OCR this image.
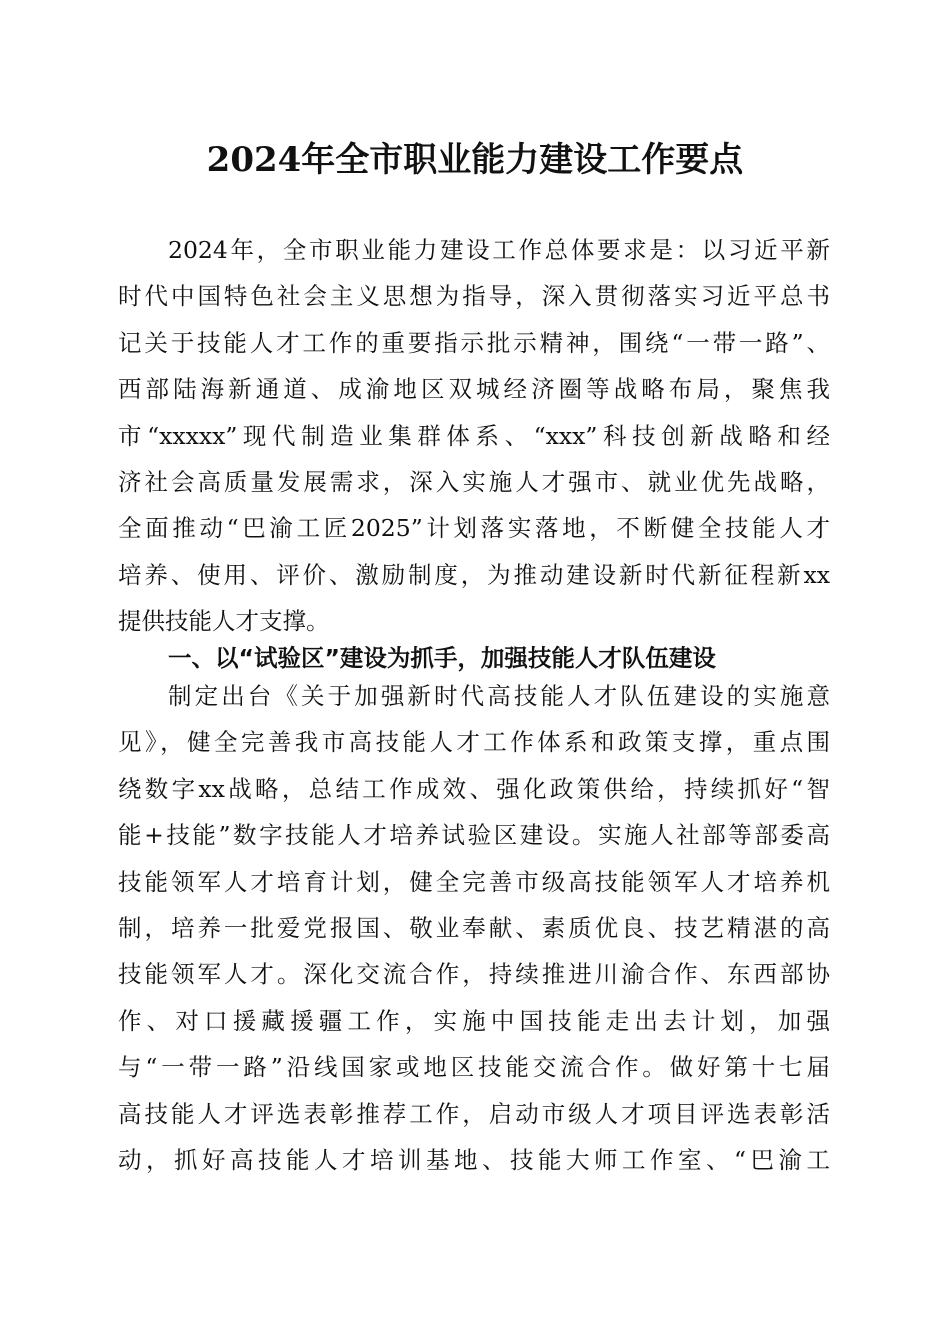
2024年全市职业能力建设工作要点
2024年，全市职业能力建设工作总体要求是：以习近平新
时代中国特色社会主义思想为指导，深入贯彻落实习近平总书
记关于技能人才工作的重要指示批示精神，围绕“一带一路”、
西部陆海新通道、成渝地区双城经济圈等战略布局，聚焦我
市“xxxxx”现代制造业集群体系、“xxx”科技创新战略和经
济社会高质量发展需求，深入实施人才强市、就业优先战略，
全面推动“巴渝工匠2025”计划落实落地，不断健全技能人才
培养、使用、评价、激励制度，为推动建设新时代新征程新xx
提供技能人才支撑。
一、以“试验区”建设为抓手，加强技能人才队伍建设
制定出台《关于加强新时代高技能人才队伍建设的实施意
见》，健全完善我市高技能人才工作体系和政策支撑，重点围
绕数字xx战略，总结工作成效、强化政策供给，持续抓好“智
能+技能”数字技能人才培养试验区建设。实施人社部等部委高
技能领军人才培育计划，健全完善市级高技能领军人才培养机
制，培养一批爱党报国、敬业奉献、素质优良、技艺精湛的高
技能领军人才。深化交流合作，持续推进川渝合作、东西部协
作、对口援藏援疆工作，实施中国技能走出去计划，加强
与“一带一路”沿线国家或地区技能交流合作。做好第十七届
高技能人才评选表彰推荐工作，启动市级人才项目评选表彰活
动，抓好高技能人才培训基地、技能大师工作室、“巴渝工
